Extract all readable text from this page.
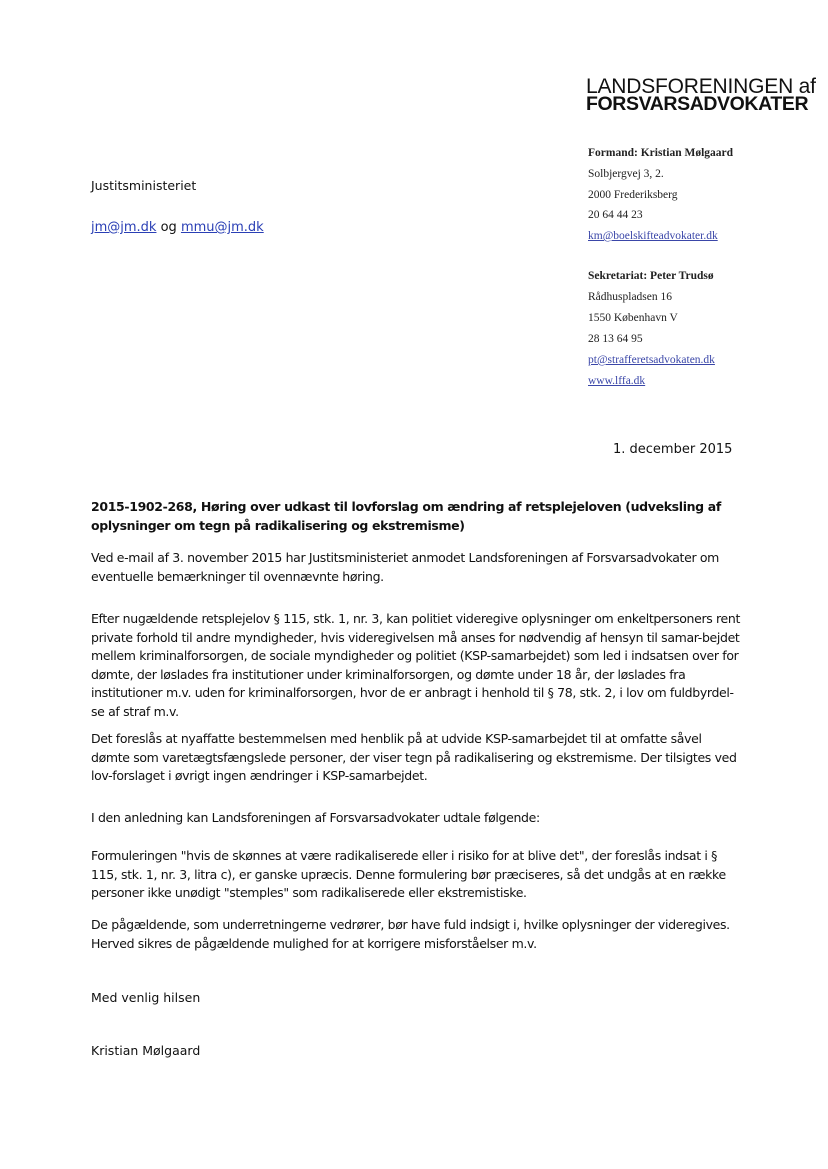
LANDSFORENINGEN af
FORSVARSADVOKATER
Formand: Kristian Mølgaard
Solbjergvej 3, 2.
2000 Frederiksberg
20 64 44 23
km@boelskifteadvokater.dk
Sekretariat: Peter Trudsø
Rådhuspladsen 16
1550 København V
28 13 64 95
pt@strafferetsadvokaten.dk
www.lffa.dk
Justitsministeriet
jm@jm.dk og mmu@jm.dk
1. december 2015
2015-1902-268, Høring over udkast til lovforslag om ændring af retsplejeloven (udveksling af oplysninger om tegn på radikalisering og ekstremisme)
Ved e-mail af 3. november 2015 har Justitsministeriet anmodet Landsforeningen af Forsvarsadvokater om eventuelle bemærkninger til ovennævnte høring.
Efter nugældende retsplejelov § 115, stk. 1, nr. 3, kan politiet videregive oplysninger om enkeltpersoners rent private forhold til andre myndigheder, hvis videregivelsen må anses for nødvendig af hensyn til samar-bejdet mellem kriminalforsorgen, de sociale myndigheder og politiet (KSP-samarbejdet) som led i indsatsen over for dømte, der løslades fra institutioner under kriminalforsorgen, og dømte under 18 år, der løslades fra institutioner m.v. uden for kriminalforsorgen, hvor de er anbragt i henhold til § 78, stk. 2, i lov om fuldbyrdel-se af straf m.v.
Det foreslås at nyaffatte bestemmelsen med henblik på at udvide KSP-samarbejdet til at omfatte såvel dømte som varetægtsfængslede personer, der viser tegn på radikalisering og ekstremisme. Der tilsigtes ved lov-forslaget i øvrigt ingen ændringer i KSP-samarbejdet.
I den anledning kan Landsforeningen af Forsvarsadvokater udtale følgende:
Formuleringen "hvis de skønnes at være radikaliserede eller i risiko for at blive det", der foreslås indsat i § 115, stk. 1, nr. 3, litra c), er ganske upræcis. Denne formulering bør præciseres, så det undgås at en række personer ikke unødigt "stemples" som radikaliserede eller ekstremistiske.
De pågældende, som underretningerne vedrører, bør have fuld indsigt i, hvilke oplysninger der videregives. Herved sikres de pågældende mulighed for at korrigere misforståelser m.v.
Med venlig hilsen
Kristian Mølgaard
